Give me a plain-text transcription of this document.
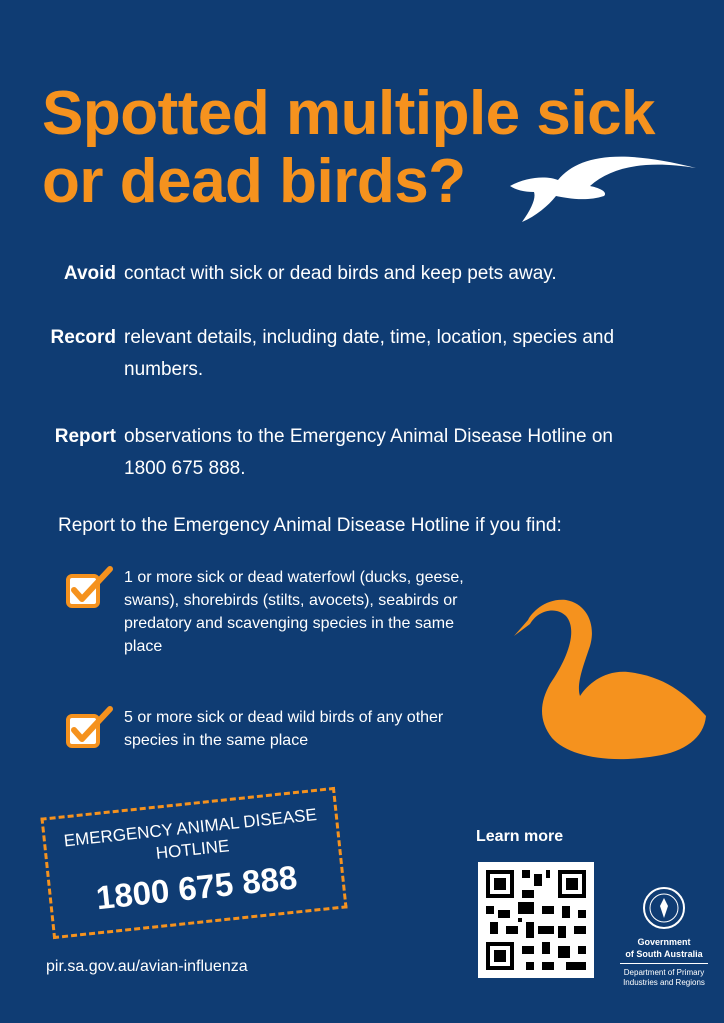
Spotted multiple sick or dead birds?
Avoid contact with sick or dead birds and keep pets away.
Record relevant details, including date, time, location, species and
numbers.
Report observations to the Emergency Animal Disease Hotline on
1800 675 888.
Report to the Emergency Animal Disease Hotline if you find:
1 or more sick or dead waterfowl (ducks, geese, swans), shorebirds (stilts, avocets), seabirds or predatory and scavenging species in the same place
5 or more sick or dead wild birds of any other species in the same place
EMERGENCY ANIMAL DISEASE HOTLINE
1800 675 888
Learn more
pir.sa.gov.au/avian-influenza
Government
of South Australia
Department of Primary
Industries and Regions
